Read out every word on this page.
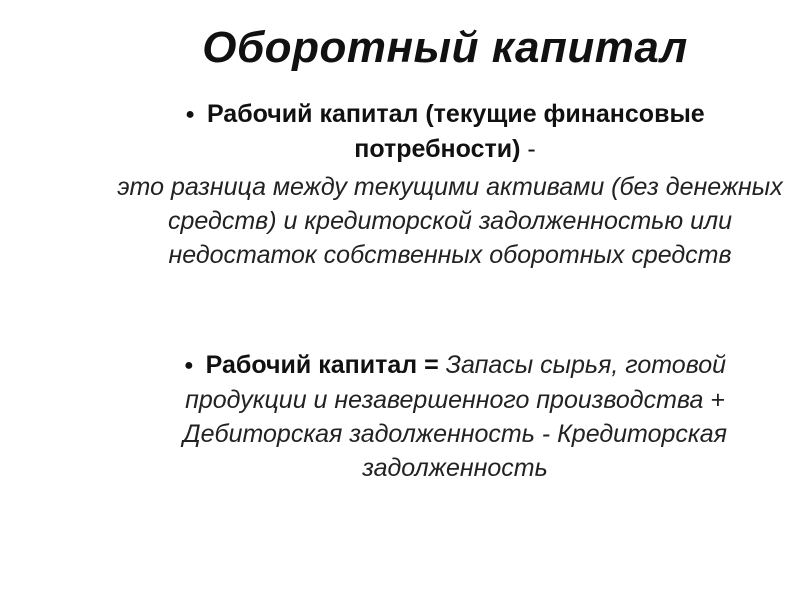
Оборотный капитал
● Рабочий капитал (текущие финансовые потребности) -
это разница между текущими активами (без денежных средств) и кредиторской задолженностью или недостаток собственных оборотных средств
● Рабочий капитал = Запасы сырья, готовой продукции и незавершенного производства + Дебиторская задолженность - Кредиторская задолженность
